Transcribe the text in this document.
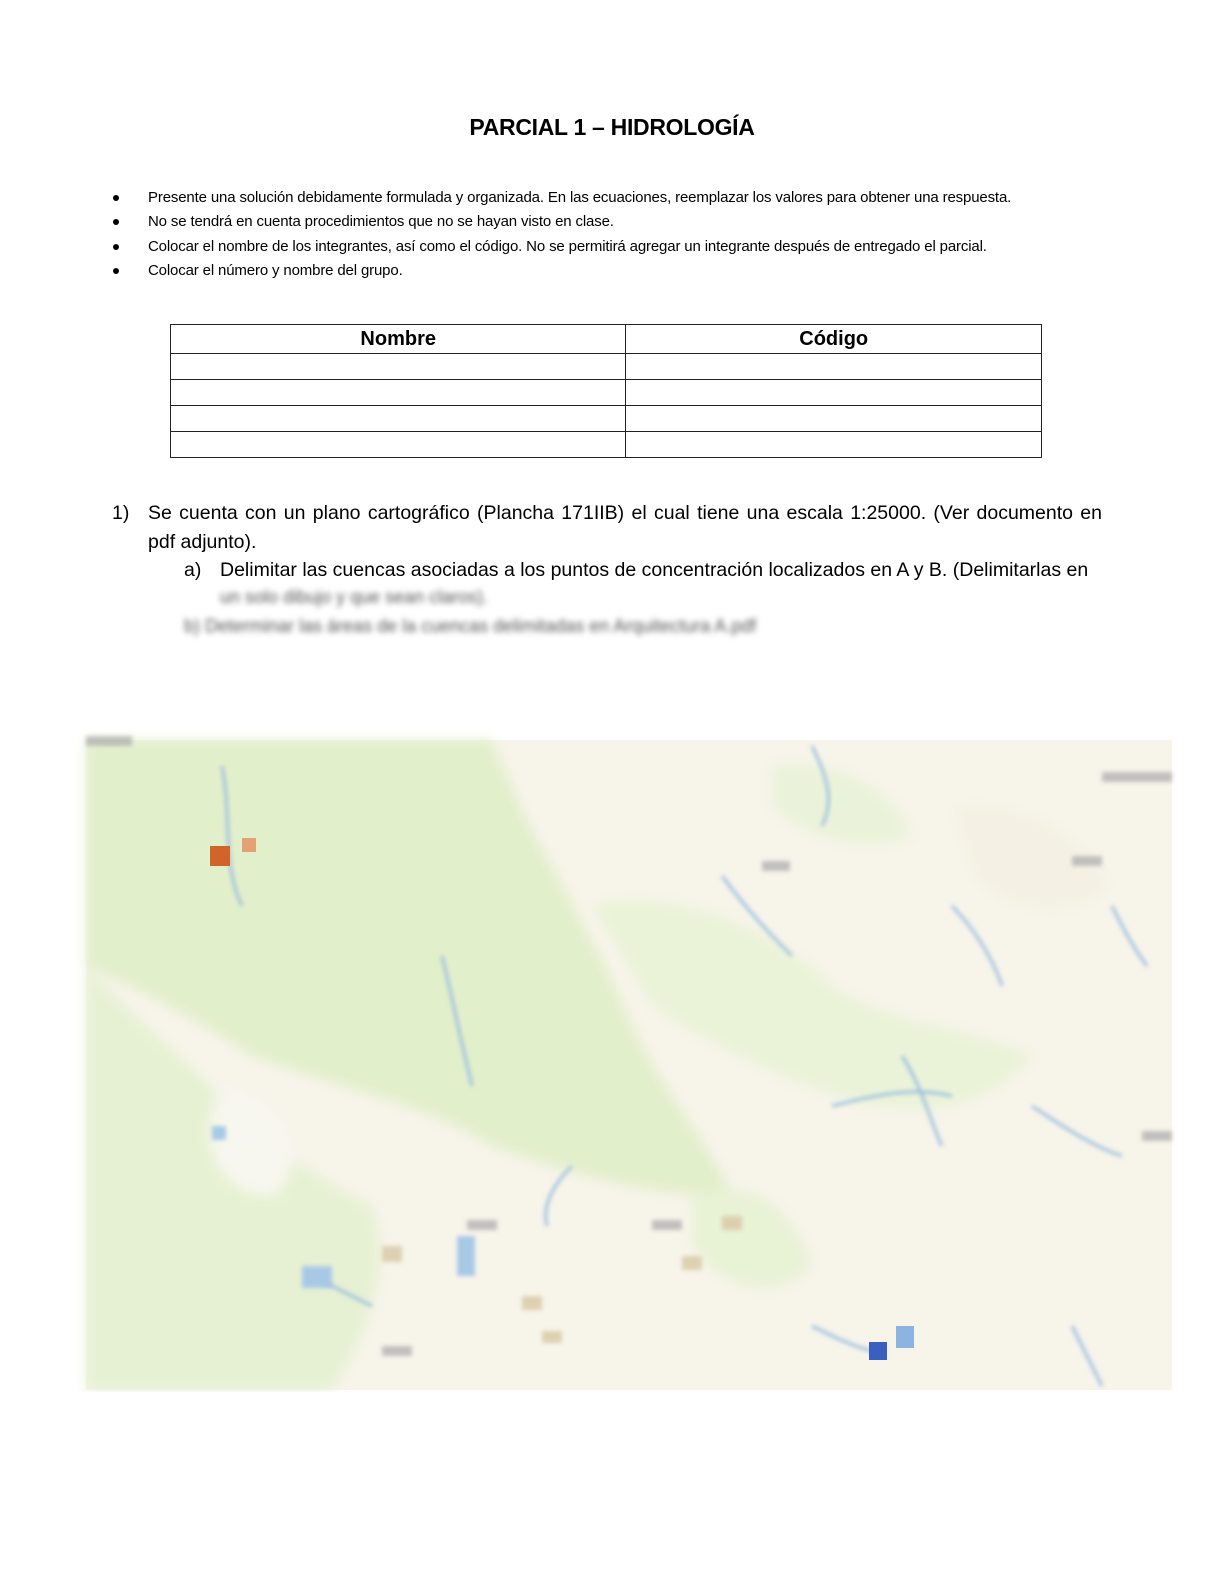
PARCIAL 1 – HIDROLOGÍA
Presente una solución debidamente formulada y organizada. En las ecuaciones, reemplazar los valores para obtener una respuesta.
No se tendrá en cuenta procedimientos que no se hayan visto en clase.
Colocar el nombre de los integrantes, así como el código. No se permitirá agregar un integrante después de entregado el parcial.
Colocar el número y nombre del grupo.
Nombre	Código

1) Se cuenta con un plano cartográfico (Plancha 171IIB) el cual tiene una escala 1:25000. (Ver documento en pdf adjunto).
a) Delimitar las cuencas asociadas a los puntos de concentración localizados en A y B. (Delimitarlas en
un solo dibujo y que sean claros).
b) Determinar las áreas de la cuencas delimitadas en Arquitectura A.pdf
